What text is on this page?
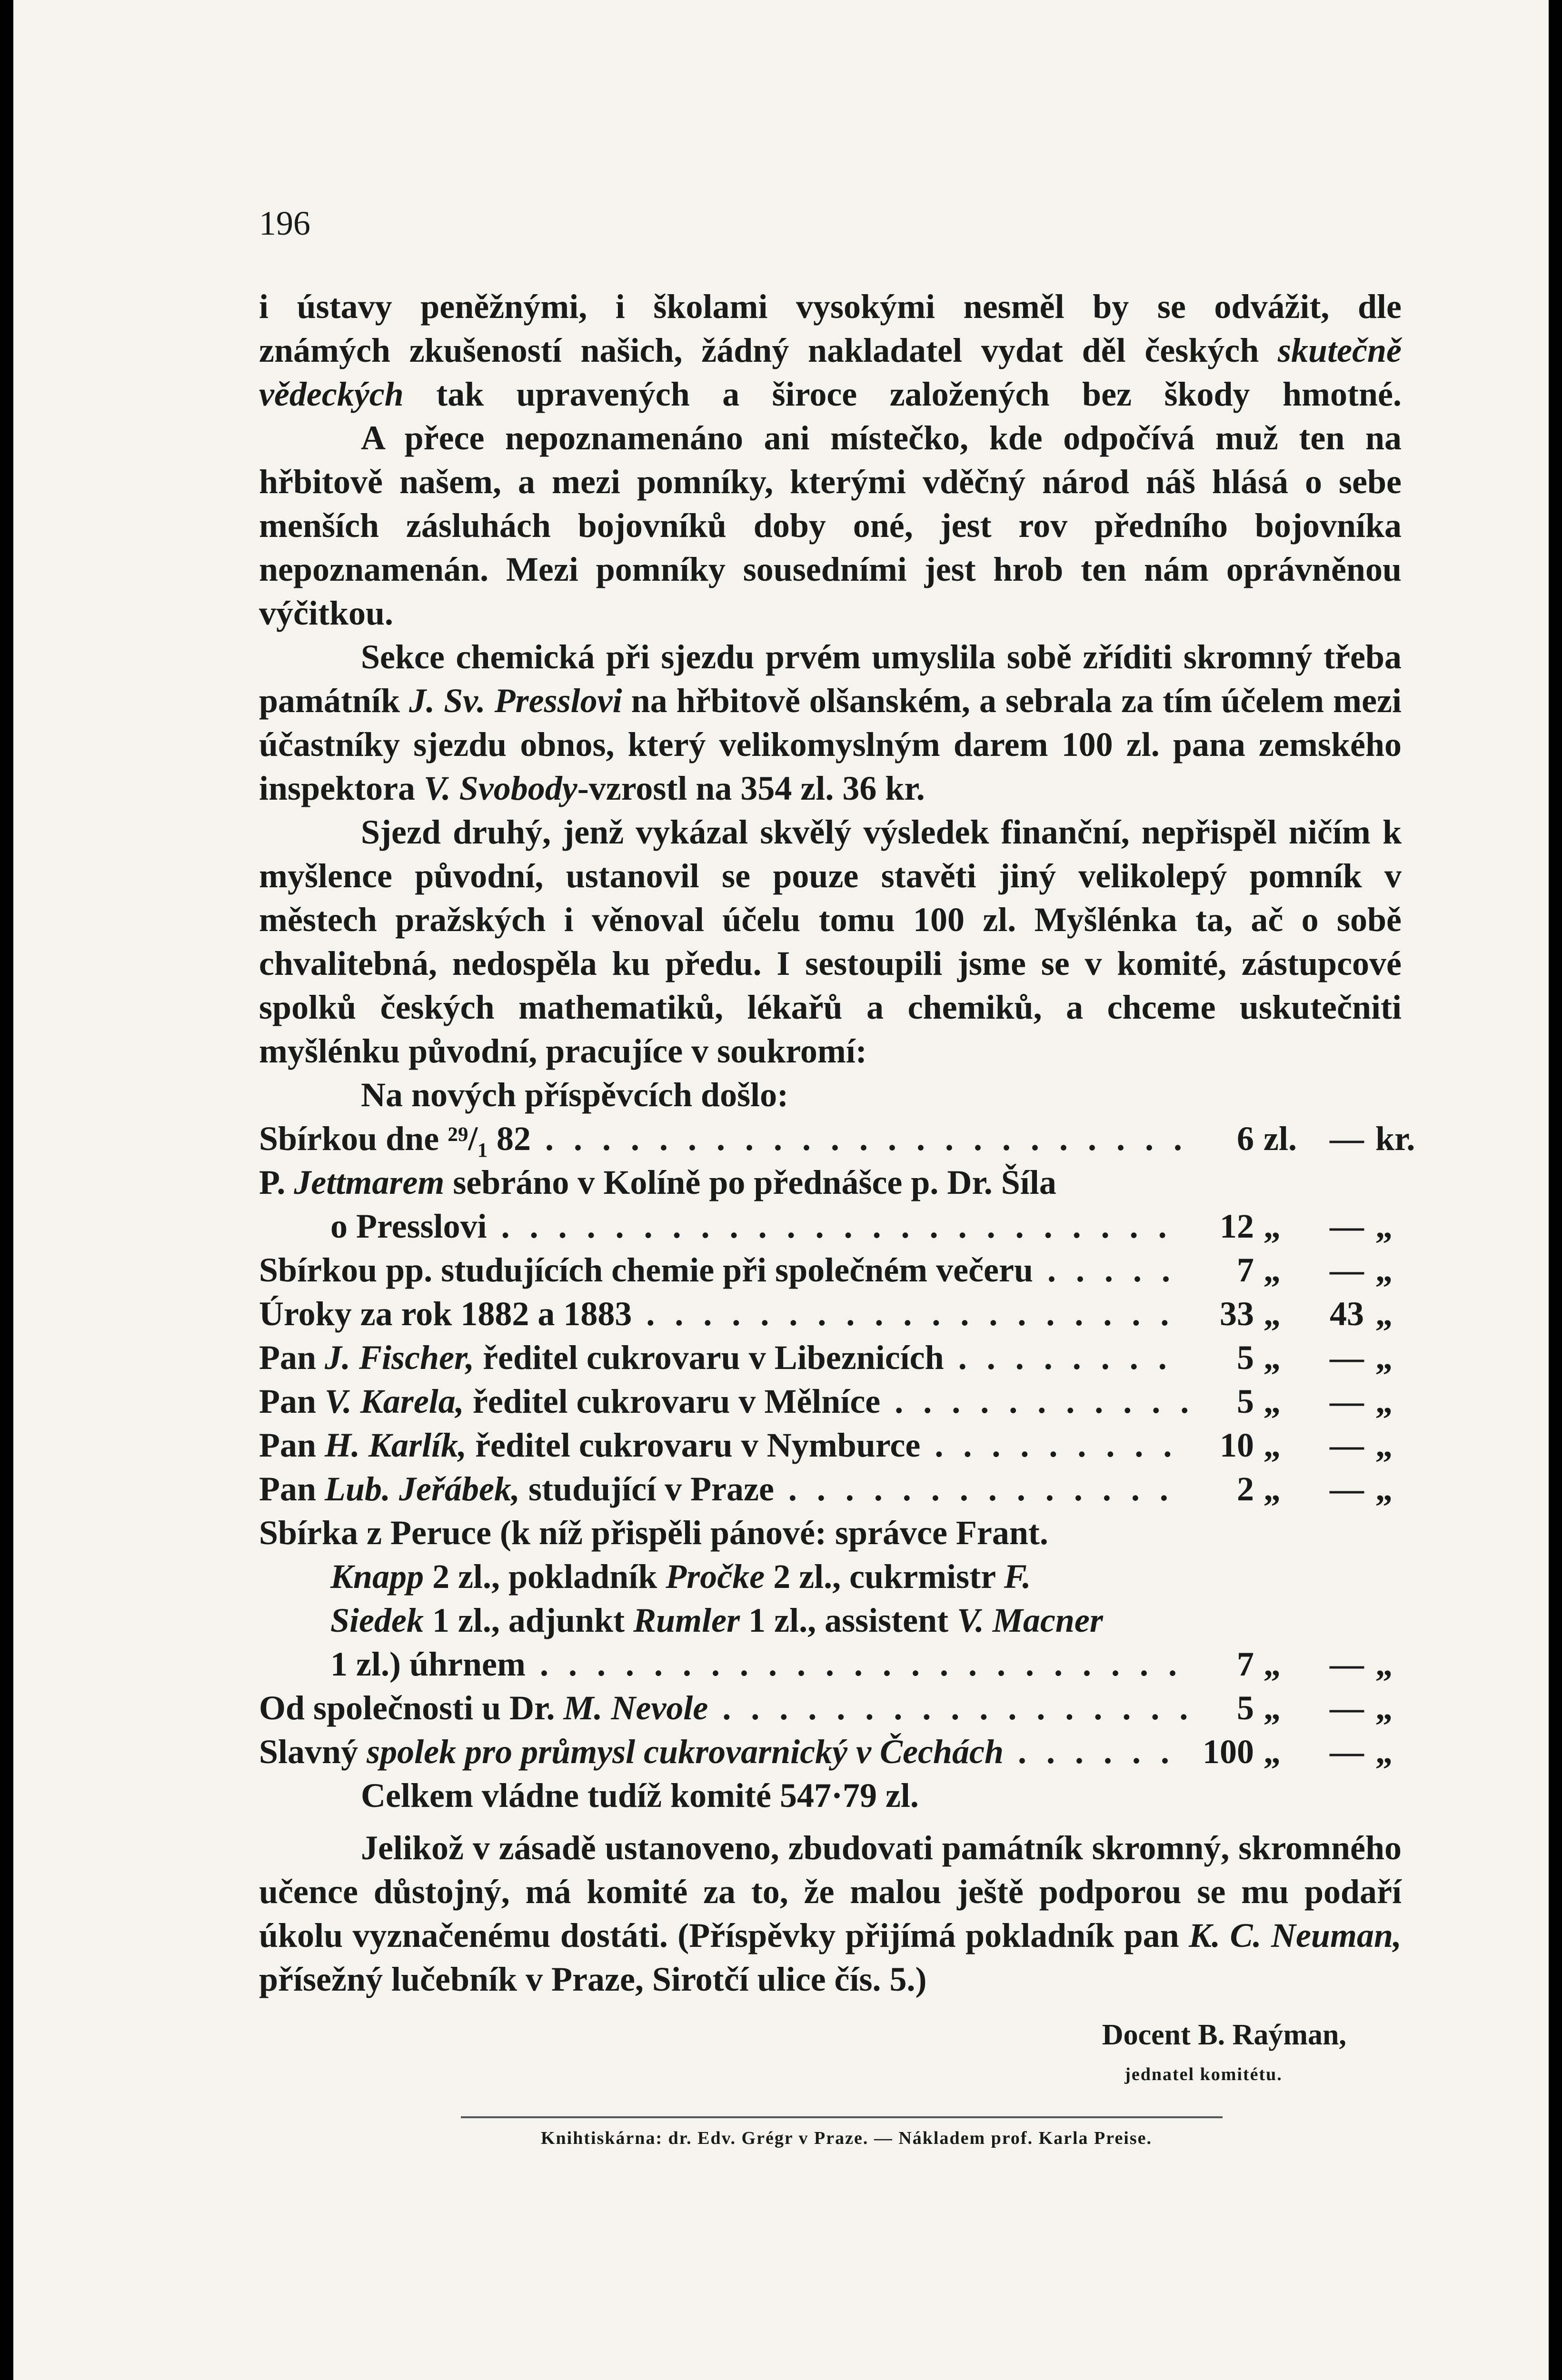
196
i ústavy peněžnými, i školami vysokými nesměl by se odvážit, dle
známých zkušeností našich, žádný nakladatel vydat děl českých skutečně
vědeckých tak upravených a široce založených bez škody hmotné.
A přece nepoznamenáno ani místečko, kde odpočívá muž ten na hřbitově našem, a mezi pomníky, kterými vděčný národ náš hlásá o sebe menších zásluhách bojovníků doby oné, jest rov předního bojovníka nepoznamenán. Mezi pomníky sousedními jest hrob ten nám oprávněnou výčitkou.
Sekce chemická při sjezdu prvém umyslila sobě zříditi skromný třeba památník J. Sv. Presslovi na hřbitově olšanském, a sebrala za tím účelem mezi účastníky sjezdu obnos, který velikomyslným darem 100 zl. pana zemského inspektora V. Svobody-vzrostl na 354 zl. 36 kr.
Sjezd druhý, jenž vykázal skvělý výsledek finanční, nepřispěl ničím k myšlence původní, ustanovil se pouze stavěti jiný velikolepý pomník v městech pražských i věnoval účelu tomu 100 zl. Myšlénka ta, ač o sobě chvalitebná, nedospěla ku předu. I sestoupili jsme se v komité, zástupcové spolků českých mathematiků, lékařů a chemiků, a chceme uskutečniti myšlénku původní, pracujíce v soukromí:
Na nových příspěvcích došlo:
Sbírkou dne ²⁹/₁ 82 . . .	6 zl. — kr.
P. Jettmarem sebráno v Kolíně po přednášce p. Dr. Šíla
o Presslovi . . .	12 „	— „
Sbírkou pp. studujících chemie při společném večeru . . .	7 „	— „
Úroky za rok 1882 a 1883 . . .	33 „	43 „
Pan J. Fischer, ředitel cukrovaru v Libeznicích . . .	5 „	— „
Pan V. Karela, ředitel cukrovaru v Mělníce . . .	5 „	— „
Pan H. Karlík, ředitel cukrovaru v Nymburce . . .	10 „	— „
Pan Lub. Jeřábek, studující v Praze . . .	2 „	— „
Sbírka z Peruce (k níž přispěli pánové: správce Frant.
Knapp 2 zl., pokladník Pročke 2 zl., cukrmistr F.
Siedek 1 zl., adjunkt Rumler 1 zl., assistent V. Macner
1 zl.) úhrnem . . .	7 „	— „
Od společnosti u Dr. M. Nevole . . .	5 „	— „
Slavný spolek pro průmysl cukrovarnický v Čechách . . .	100 „	— „
Celkem vládne tudíž komité 547·79 zl.
Jelikož v zásadě ustanoveno, zbudovati památník skromný, skromného učence důstojný, má komité za to, že malou ještě podporou se mu podaří úkolu vyznačenému dostáti. (Příspěvky přijímá pokladník pan K. C. Neuman, přísežný lučebník v Praze, Sirotčí ulice čís. 5.)
Docent B. Raýman,
jednatel komitétu.
Knihtiskárna: dr. Edv. Grégr v Praze. — Nákladem prof. Karla Preise.
